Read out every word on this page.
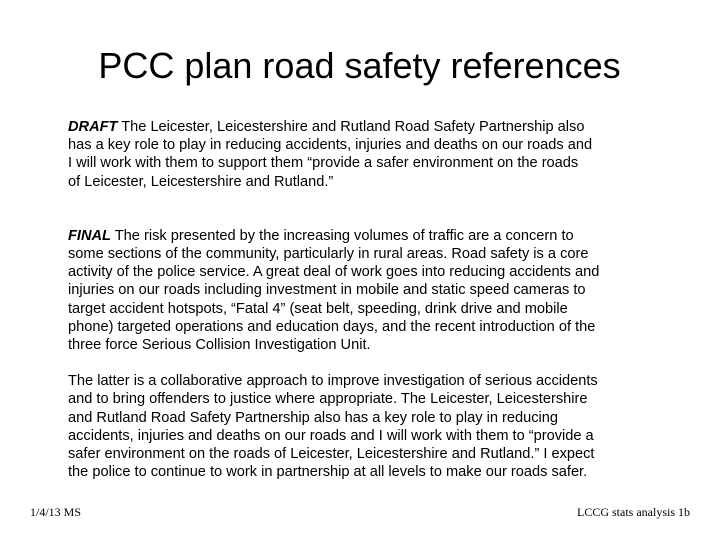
PCC plan road safety references

DRAFT The Leicester, Leicestershire and Rutland Road Safety Partnership also
has a key role to play in reducing accidents, injuries and deaths on our roads and
I will work with them to support them “provide a safer environment on the roads
of Leicester, Leicestershire and Rutland.”

FINAL The risk presented by the increasing volumes of traffic are a concern to
some sections of the community, particularly in rural areas. Road safety is a core
activity of the police service. A great deal of work goes into reducing accidents and
injuries on our roads including investment in mobile and static speed cameras to
target accident hotspots, “Fatal 4” (seat belt, speeding, drink drive and mobile
phone) targeted operations and education days, and the recent introduction of the
three force Serious Collision Investigation Unit.

The latter is a collaborative approach to improve investigation of serious accidents
and to bring offenders to justice where appropriate. The Leicester, Leicestershire
and Rutland Road Safety Partnership also has a key role to play in reducing
accidents, injuries and deaths on our roads and I will work with them to “provide a
safer environment on the roads of Leicester, Leicestershire and Rutland.” I expect
the police to continue to work in partnership at all levels to make our roads safer.

1/4/13 MS	LCCG stats analysis 1b
